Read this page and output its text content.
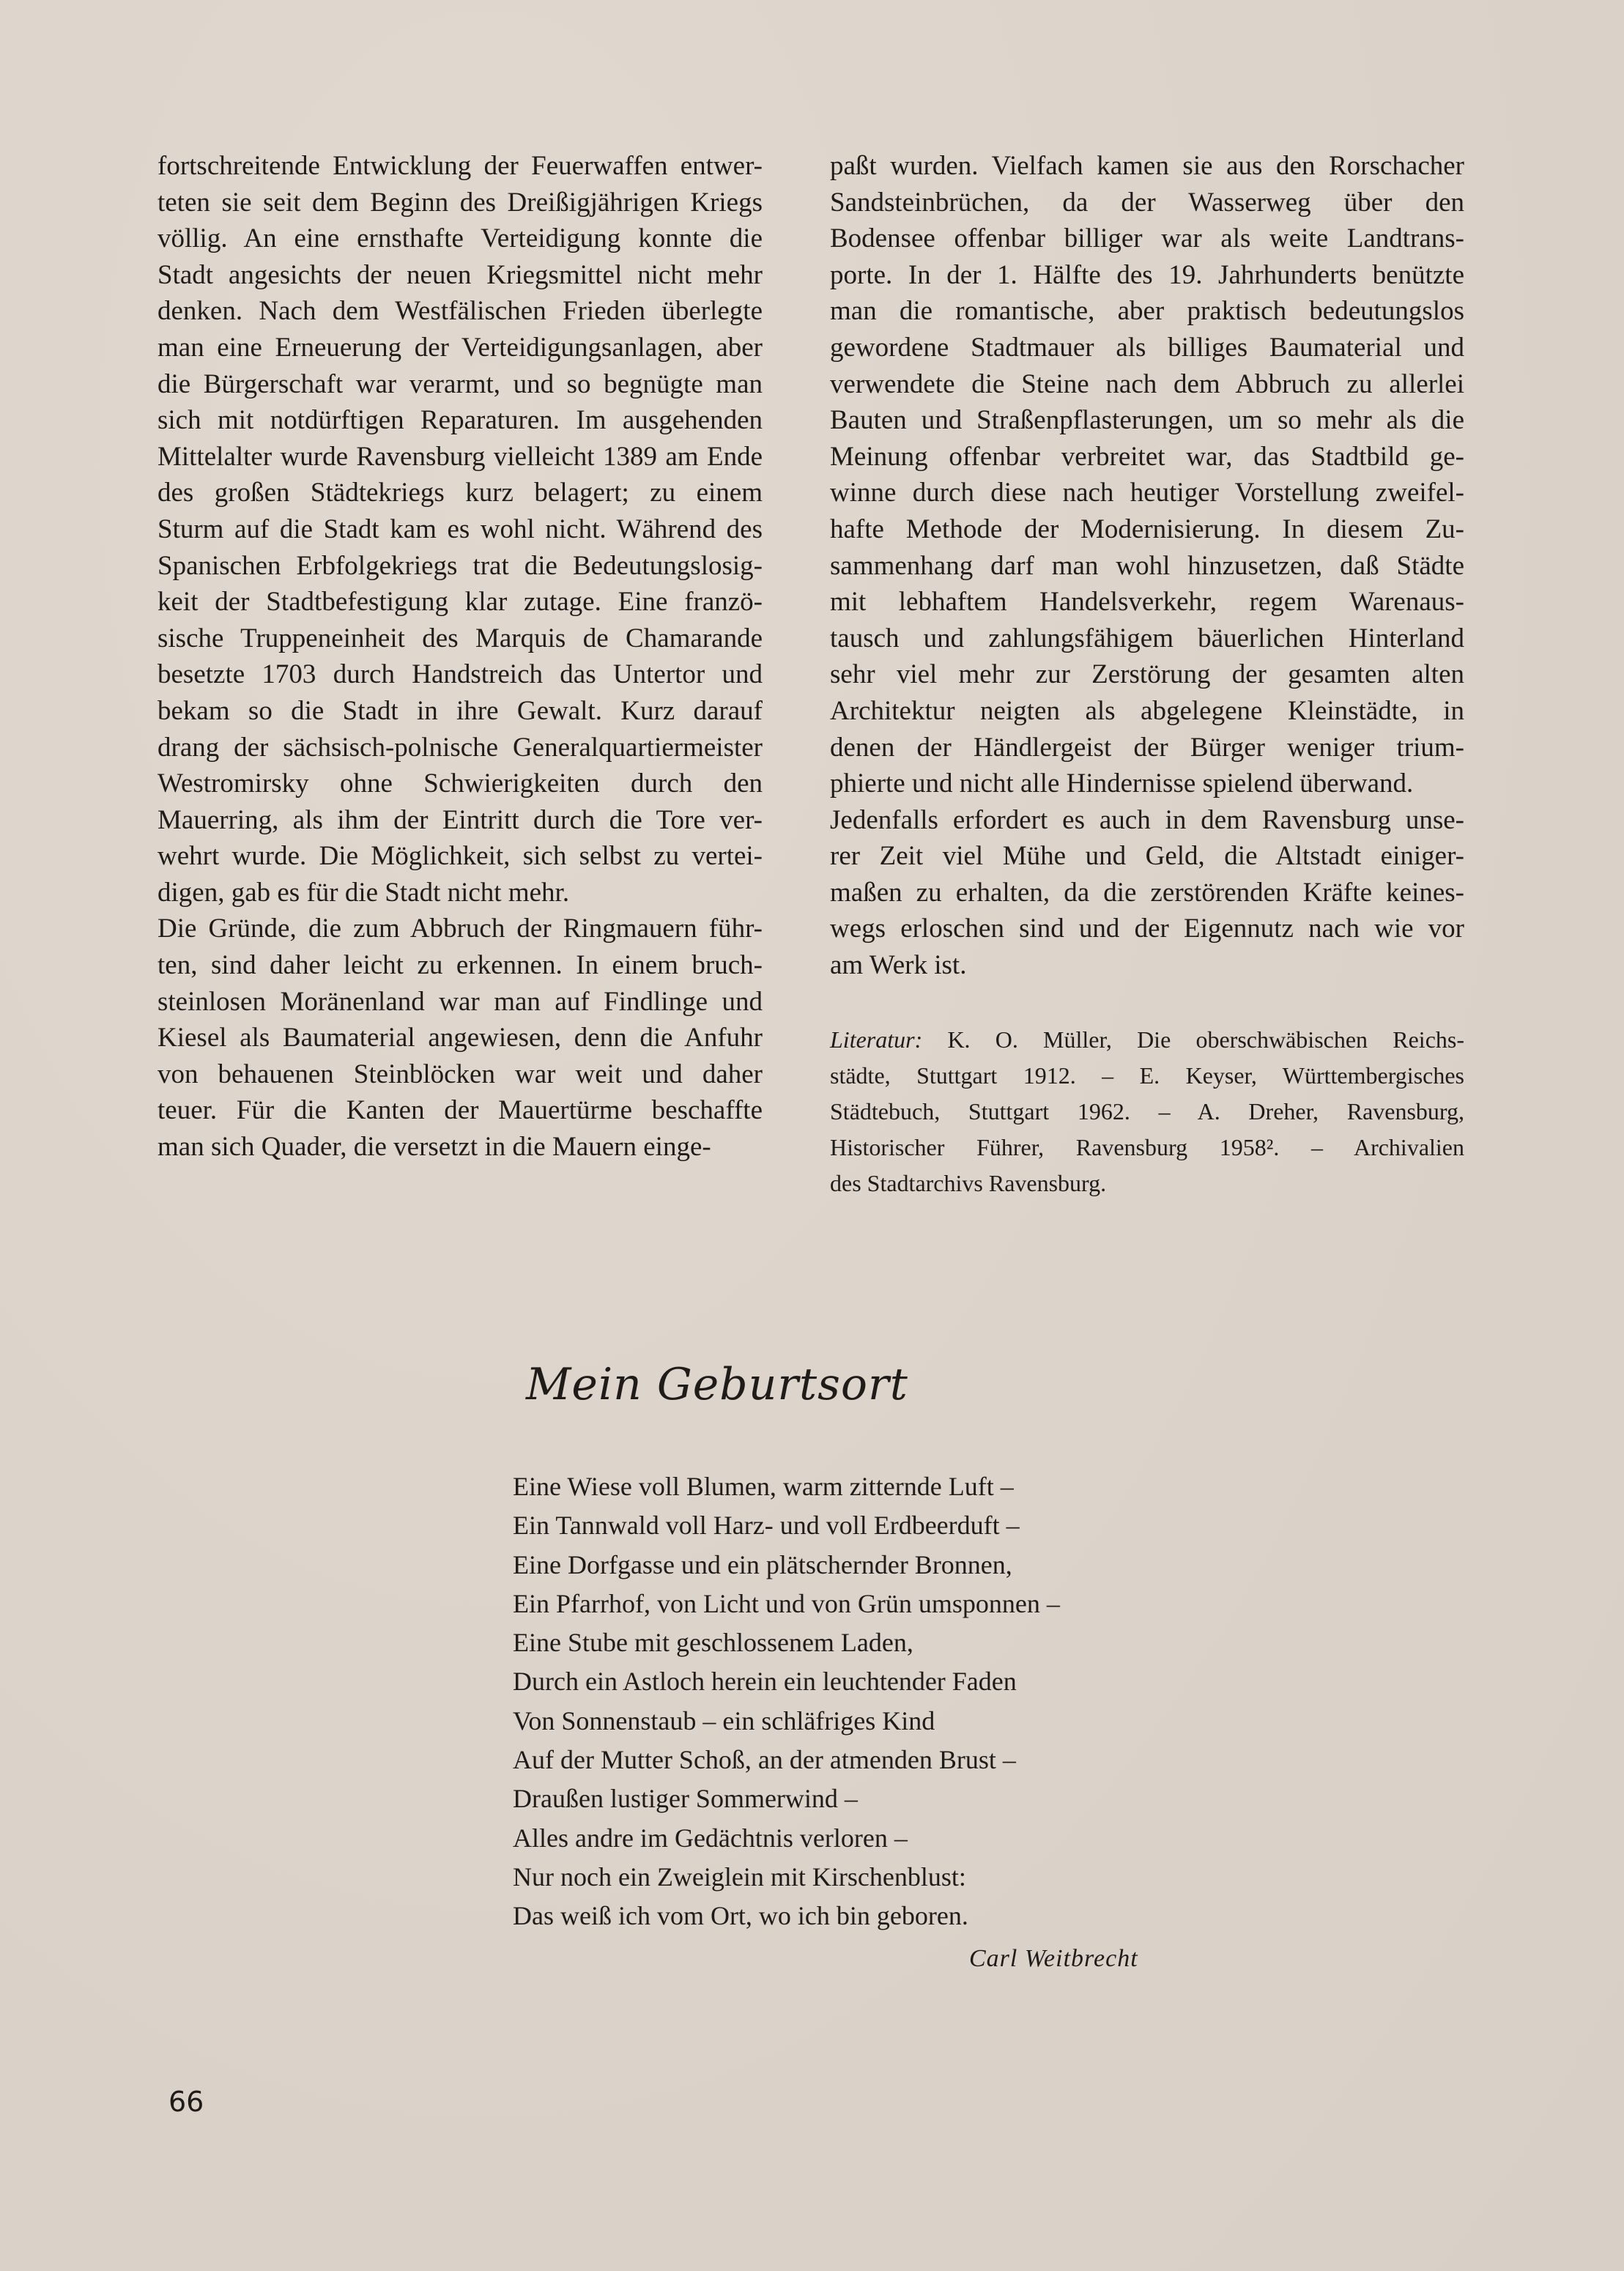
fortschreitende Entwicklung der Feuerwaffen entwer-
teten sie seit dem Beginn des Dreißigjährigen Kriegs
völlig. An eine ernsthafte Verteidigung konnte die
Stadt angesichts der neuen Kriegsmittel nicht mehr
denken. Nach dem Westfälischen Frieden überlegte
man eine Erneuerung der Verteidigungsanlagen, aber
die Bürgerschaft war verarmt, und so begnügte man
sich mit notdürftigen Reparaturen. Im ausgehenden
Mittelalter wurde Ravensburg vielleicht 1389 am Ende
des großen Städtekriegs kurz belagert; zu einem
Sturm auf die Stadt kam es wohl nicht. Während des
Spanischen Erbfolgekriegs trat die Bedeutungslosig-
keit der Stadtbefestigung klar zutage. Eine franzö-
sische Truppeneinheit des Marquis de Chamarande
besetzte 1703 durch Handstreich das Untertor und
bekam so die Stadt in ihre Gewalt. Kurz darauf
drang der sächsisch-polnische Generalquartiermeister
Westromirsky ohne Schwierigkeiten durch den
Mauerring, als ihm der Eintritt durch die Tore ver-
wehrt wurde. Die Möglichkeit, sich selbst zu vertei-
digen, gab es für die Stadt nicht mehr.
Die Gründe, die zum Abbruch der Ringmauern führ-
ten, sind daher leicht zu erkennen. In einem bruch-
steinlosen Moränenland war man auf Findlinge und
Kiesel als Baumaterial angewiesen, denn die Anfuhr
von behauenen Steinblöcken war weit und daher
teuer. Für die Kanten der Mauertürme beschaffte
man sich Quader, die versetzt in die Mauern einge-
paßt wurden. Vielfach kamen sie aus den Rorschacher
Sandsteinbrüchen, da der Wasserweg über den
Bodensee offenbar billiger war als weite Landtrans-
porte. In der 1. Hälfte des 19. Jahrhunderts benützte
man die romantische, aber praktisch bedeutungslos
gewordene Stadtmauer als billiges Baumaterial und
verwendete die Steine nach dem Abbruch zu allerlei
Bauten und Straßenpflasterungen, um so mehr als die
Meinung offenbar verbreitet war, das Stadtbild ge-
winne durch diese nach heutiger Vorstellung zweifel-
hafte Methode der Modernisierung. In diesem Zu-
sammenhang darf man wohl hinzusetzen, daß Städte
mit lebhaftem Handelsverkehr, regem Warenaus-
tausch und zahlungsfähigem bäuerlichen Hinterland
sehr viel mehr zur Zerstörung der gesamten alten
Architektur neigten als abgelegene Kleinstädte, in
denen der Händlergeist der Bürger weniger trium-
phierte und nicht alle Hindernisse spielend überwand.
Jedenfalls erfordert es auch in dem Ravensburg unse-
rer Zeit viel Mühe und Geld, die Altstadt einiger-
maßen zu erhalten, da die zerstörenden Kräfte keines-
wegs erloschen sind und der Eigennutz nach wie vor
am Werk ist.
Literatur: K. O. Müller, Die oberschwäbischen Reichs-
städte, Stuttgart 1912. – E. Keyser, Württembergisches
Städtebuch, Stuttgart 1962. – A. Dreher, Ravensburg,
Historischer Führer, Ravensburg 1958². – Archivalien
des Stadtarchivs Ravensburg.
Mein Geburtsort
Eine Wiese voll Blumen, warm zitternde Luft –
Ein Tannwald voll Harz- und voll Erdbeerduft –
Eine Dorfgasse und ein plätschernder Bronnen,
Ein Pfarrhof, von Licht und von Grün umsponnen –
Eine Stube mit geschlossenem Laden,
Durch ein Astloch herein ein leuchtender Faden
Von Sonnenstaub – ein schläfriges Kind
Auf der Mutter Schoß, an der atmenden Brust –
Draußen lustiger Sommerwind –
Alles andre im Gedächtnis verloren –
Nur noch ein Zweiglein mit Kirschenblust:
Das weiß ich vom Ort, wo ich bin geboren.
Carl Weitbrecht
66
